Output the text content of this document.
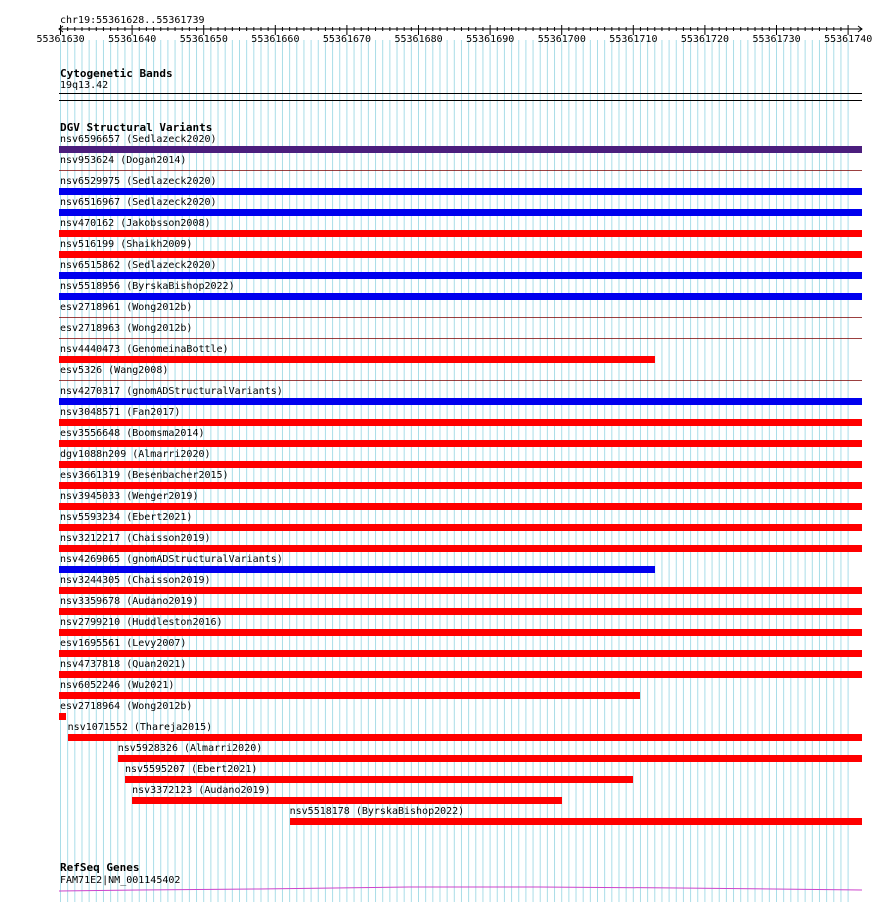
chr19:55361628..55361739
55361630 55361640 55361650 55361660 55361670 55361680 55361690 55361700 55361710 55361720 55361730 55361740
Cytogenetic Bands
19q13.42
DGV Structural Variants
nsv6596657 (Sedlazeck2020)
nsv953624 (Dogan2014)
nsv6529975 (Sedlazeck2020)
nsv6516967 (Sedlazeck2020)
nsv470162 (Jakobsson2008)
nsv516199 (Shaikh2009)
nsv6515862 (Sedlazeck2020)
nsv5518956 (ByrskaBishop2022)
esv2718961 (Wong2012b)
esv2718963 (Wong2012b)
nsv4440473 (GenomeinaBottle)
esv5326 (Wang2008)
nsv4270317 (gnomADStructuralVariants)
nsv3048571 (Fan2017)
esv3556648 (Boomsma2014)
dgv1088n209 (Almarri2020)
esv3661319 (Besenbacher2015)
nsv3945033 (Wenger2019)
nsv5593234 (Ebert2021)
nsv3212217 (Chaisson2019)
nsv4269065 (gnomADStructuralVariants)
nsv3244305 (Chaisson2019)
nsv3359678 (Audano2019)
nsv2799210 (Huddleston2016)
esv1695561 (Levy2007)
nsv4737818 (Quan2021)
nsv6052246 (Wu2021)
esv2718964 (Wong2012b)
nsv1071552 (Thareja2015)
nsv5928326 (Almarri2020)
nsv5595207 (Ebert2021)
nsv3372123 (Audano2019)
nsv5518178 (ByrskaBishop2022)
RefSeq Genes
FAM71E2|NM_001145402
